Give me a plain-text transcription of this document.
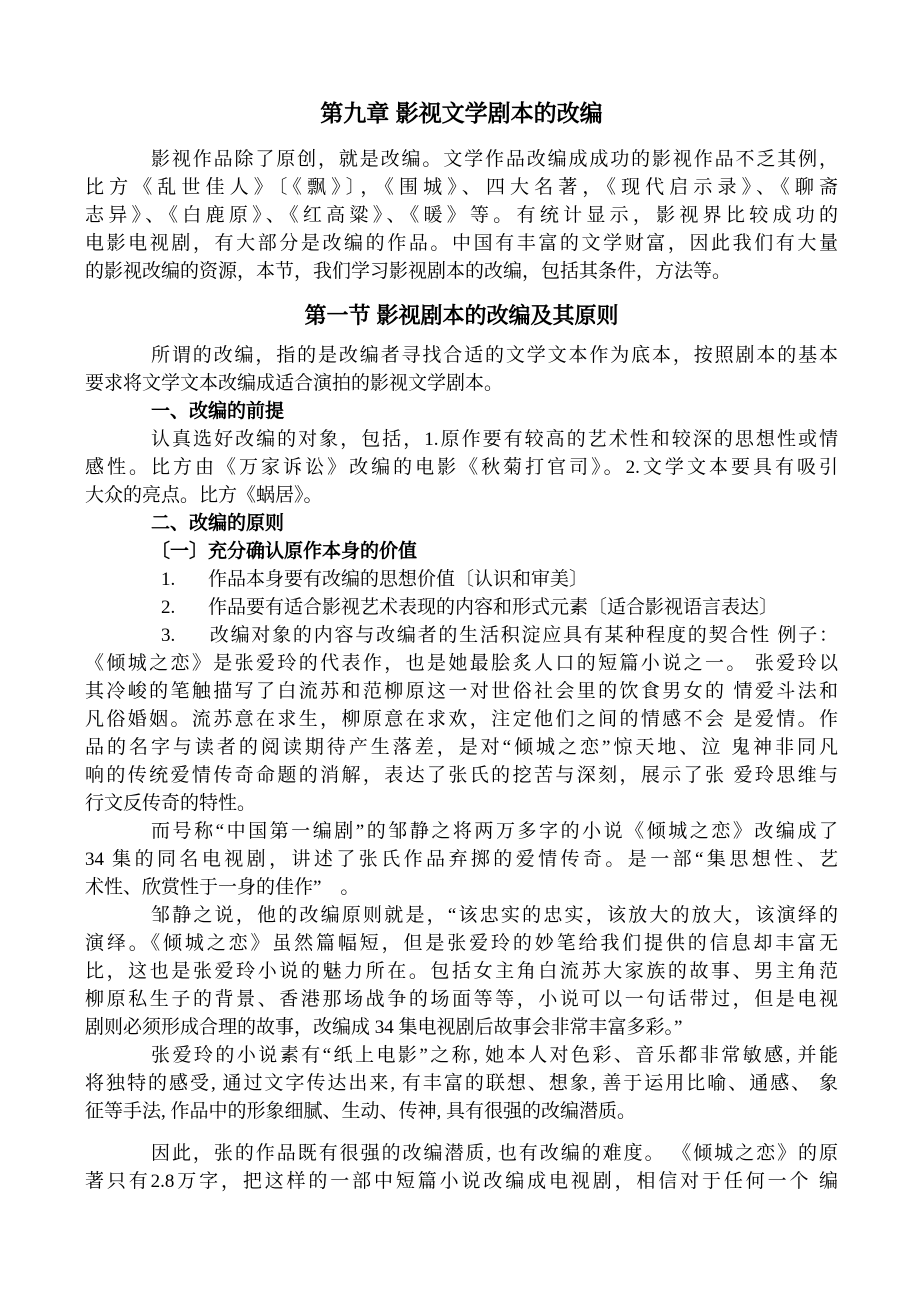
第九章 影视文学剧本的改编
影视作品除了原创，就是改编。文学作品改编成成功的影视作品不乏其例，
比方《乱世佳人》〔《飘》〕，《围城》、四大名著，《现代启示录》、《聊斋
志异》、《白鹿原》、《红高粱》、《暖》等。有统计显示，影视界比较成功的
电影电视剧，有大部分是改编的作品。中国有丰富的文学财富，因此我们有大量
的影视改编的资源，本节，我们学习影视剧本的改编，包括其条件，方法等。
第一节 影视剧本的改编及其原则
所谓的改编，指的是改编者寻找合适的文学文本作为底本，按照剧本的基本
要求将文学文本改编成适合演拍的影视文学剧本。
一、改编的前提
认真选好改编的对象，包括，1.原作要有较高的艺术性和较深的思想性或情
感性。比方由《万家诉讼》改编的电影《秋菊打官司》。2.文学文本要具有吸引
大众的亮点。比方《蜗居》。
二、改编的原则
〔一〕充分确认原作本身的价值
1. 作品本身要有改编的思想价值〔认识和审美〕
2. 作品要有适合影视艺术表现的内容和形式元素〔适合影视语言表达〕
3. 改编对象的内容与改编者的生活积淀应具有某种程度的契合性 例子：
《倾城之恋》是张爱玲的代表作，也是她最脍炙人口的短篇小说之一。 张爱玲以
其冷峻的笔触描写了白流苏和范柳原这一对世俗社会里的饮食男女的 情爱斗法和
凡俗婚姻。流苏意在求生，柳原意在求欢，注定他们之间的情感不会 是爱情。作
品的名字与读者的阅读期待产生落差，是对“倾城之恋”惊天地、泣 鬼神非同凡
响的传统爱情传奇命题的消解，表达了张氏的挖苦与深刻，展示了张 爱玲思维与
行文反传奇的特性。
而号称“中国第一编剧”的邹静之将两万多字的小说《倾城之恋》改编成了
34 集的同名电视剧，讲述了张氏作品弃掷的爱情传奇。是一部“集思想性、艺
术性、欣赏性于一身的佳作”　。
邹静之说，他的改编原则就是，“该忠实的忠实，该放大的放大，该演绎的
演绎。《倾城之恋》虽然篇幅短，但是张爱玲的妙笔给我们提供的信息却丰富无
比，这也是张爱玲小说的魅力所在。包括女主角白流苏大家族的故事、男主角范
柳原私生子的背景、香港那场战争的场面等等，小说可以一句话带过，但是电视
剧则必须形成合理的故事，改编成 34 集电视剧后故事会非常丰富多彩。”
张爱玲的小说素有“纸上电影”之称, 她本人对色彩、音乐都非常敏感, 并能
将独特的感受, 通过文字传达出来, 有丰富的联想、想象, 善于运用比喻、通感、 象
征等手法, 作品中的形象细腻、生动、传神, 具有很强的改编潜质。
因此，张的作品既有很强的改编潜质, 也有改编的难度。 《倾城之恋》的原
著只有2.8万字，把这样的一部中短篇小说改编成电视剧，相信对于任何一个 编
